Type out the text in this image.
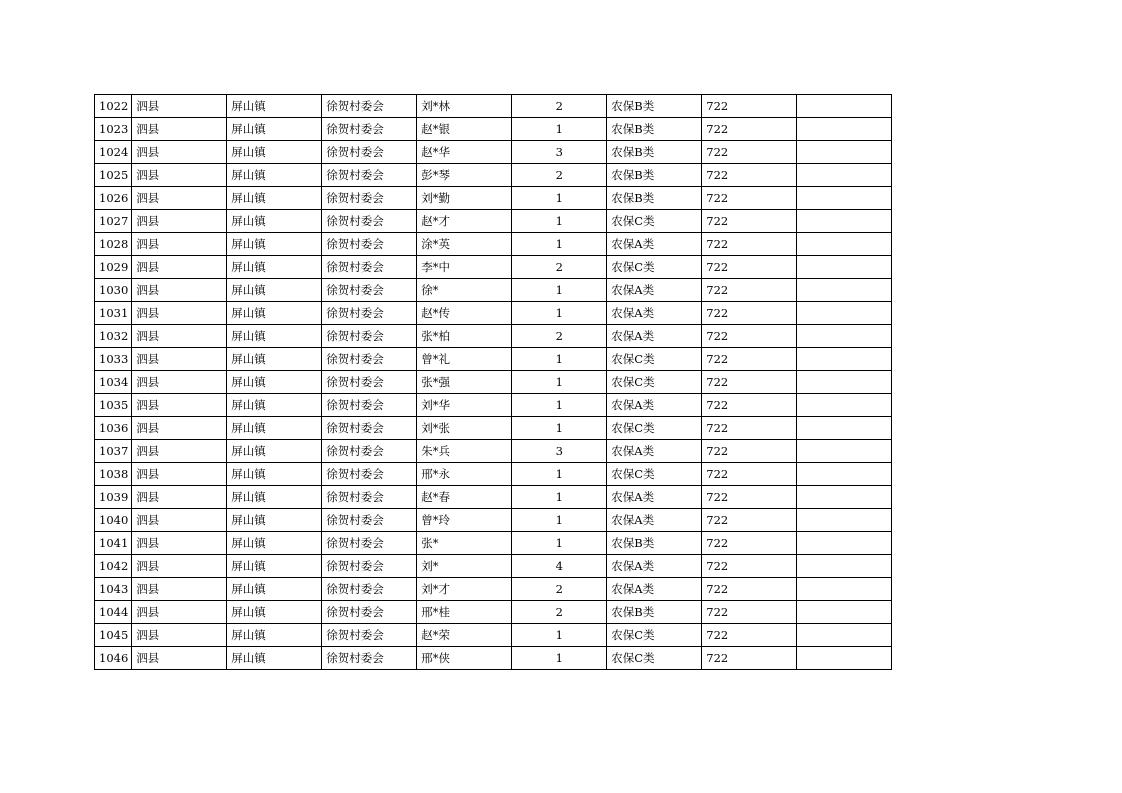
1022	泗县	屏山镇	徐贺村委会	刘*林	2	农保B类	722	
1023	泗县	屏山镇	徐贺村委会	赵*银	1	农保B类	722	
1024	泗县	屏山镇	徐贺村委会	赵*华	3	农保B类	722	
1025	泗县	屏山镇	徐贺村委会	彭*琴	2	农保B类	722	
1026	泗县	屏山镇	徐贺村委会	刘*勤	1	农保B类	722	
1027	泗县	屏山镇	徐贺村委会	赵*才	1	农保C类	722	
1028	泗县	屏山镇	徐贺村委会	涂*英	1	农保A类	722	
1029	泗县	屏山镇	徐贺村委会	李*中	2	农保C类	722	
1030	泗县	屏山镇	徐贺村委会	徐*	1	农保A类	722	
1031	泗县	屏山镇	徐贺村委会	赵*传	1	农保A类	722	
1032	泗县	屏山镇	徐贺村委会	张*柏	2	农保A类	722	
1033	泗县	屏山镇	徐贺村委会	曾*礼	1	农保C类	722	
1034	泗县	屏山镇	徐贺村委会	张*强	1	农保C类	722	
1035	泗县	屏山镇	徐贺村委会	刘*华	1	农保A类	722	
1036	泗县	屏山镇	徐贺村委会	刘*张	1	农保C类	722	
1037	泗县	屏山镇	徐贺村委会	朱*兵	3	农保A类	722	
1038	泗县	屏山镇	徐贺村委会	邢*永	1	农保C类	722	
1039	泗县	屏山镇	徐贺村委会	赵*春	1	农保A类	722	
1040	泗县	屏山镇	徐贺村委会	曾*玲	1	农保A类	722	
1041	泗县	屏山镇	徐贺村委会	张*	1	农保B类	722	
1042	泗县	屏山镇	徐贺村委会	刘*	4	农保A类	722	
1043	泗县	屏山镇	徐贺村委会	刘*才	2	农保A类	722	
1044	泗县	屏山镇	徐贺村委会	邢*桂	2	农保B类	722	
1045	泗县	屏山镇	徐贺村委会	赵*荣	1	农保C类	722	
1046	泗县	屏山镇	徐贺村委会	邢*侠	1	农保C类	722	
